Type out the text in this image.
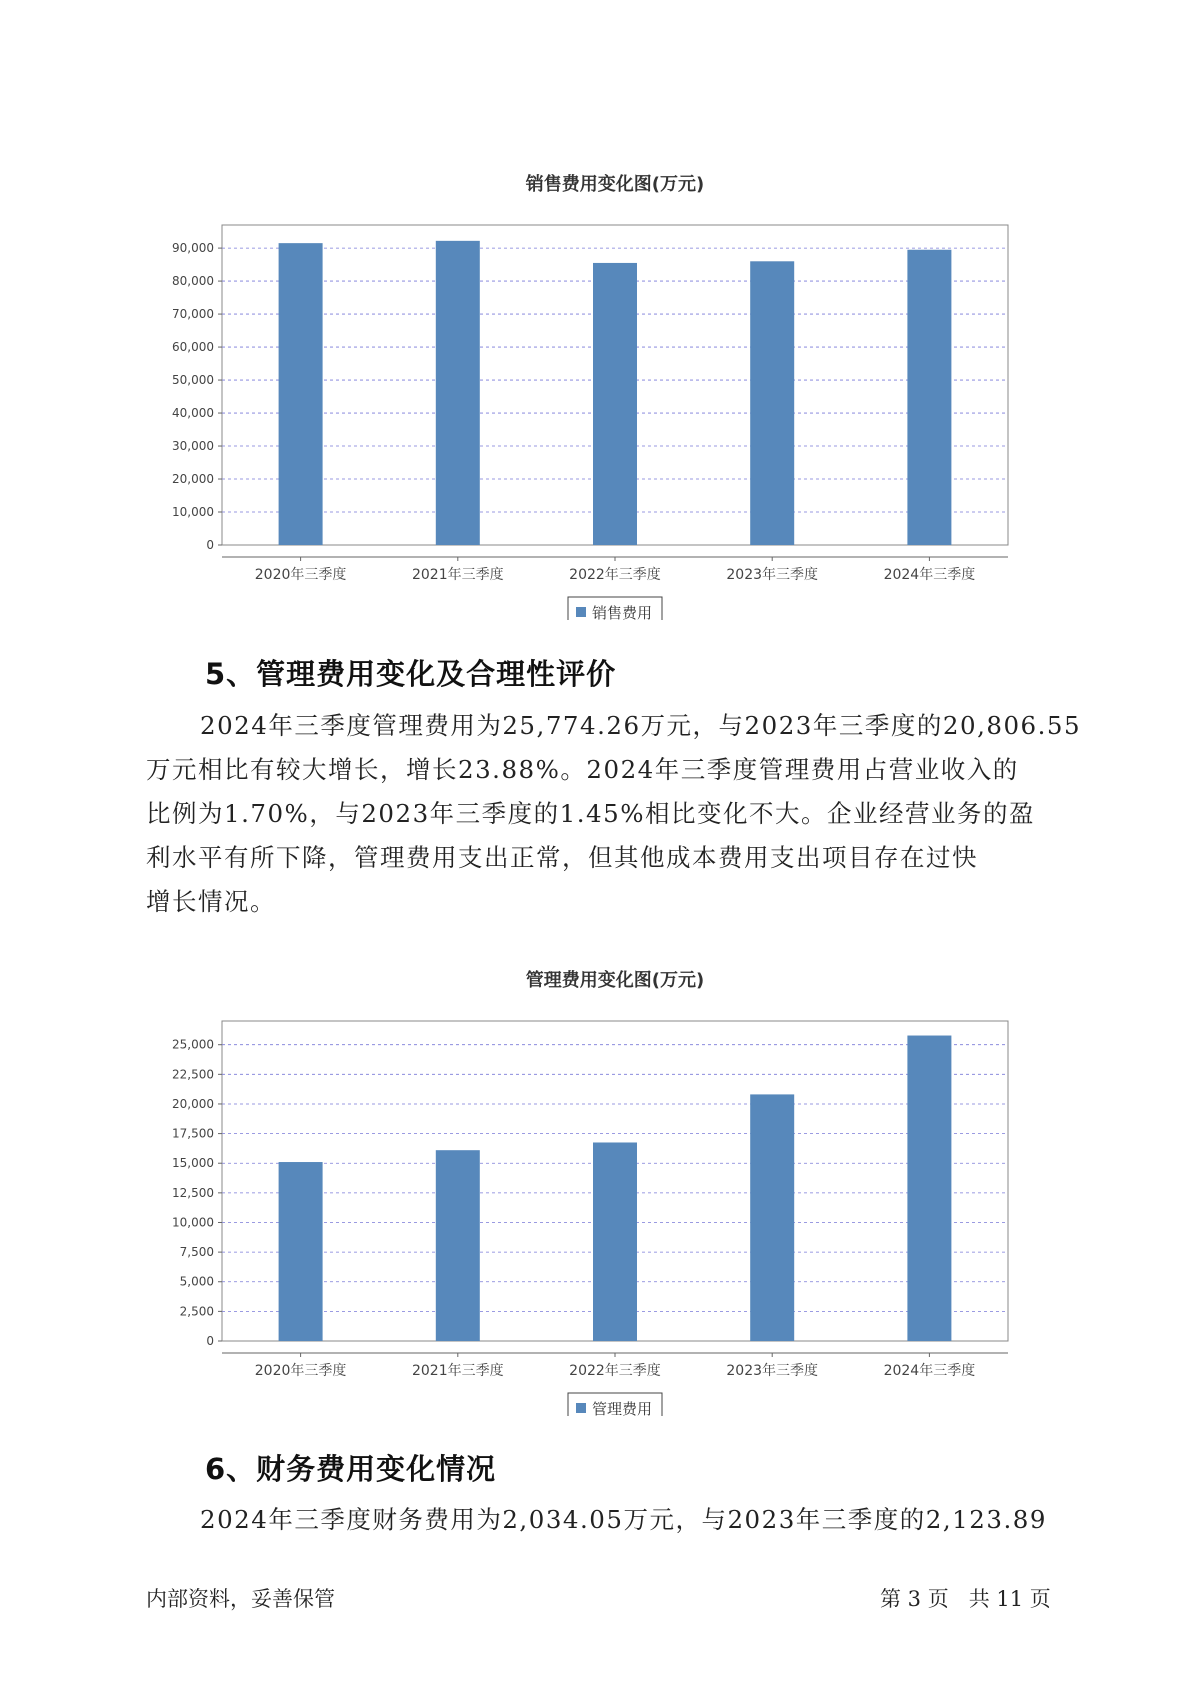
销售费用变化图(万元)
0
10,000
20,000
30,000
40,000
50,000
60,000
70,000
80,000
90,000
2020年三季度	2021年三季度	2022年三季度	2023年三季度	2024年三季度
销售费用
5、管理费用变化及合理性评价
2024年三季度管理费用为25,774.26万元，与2023年三季度的20,806.55
万元相比有较大增长，增长23.88%。2024年三季度管理费用占营业收入的
比例为1.70%，与2023年三季度的1.45%相比变化不大。企业经营业务的盈
利水平有所下降，管理费用支出正常，但其他成本费用支出项目存在过快
增长情况。
管理费用变化图(万元)
0
2,500
5,000
7,500
10,000
12,500
15,000
17,500
20,000
22,500
25,000
2020年三季度	2021年三季度	2022年三季度	2023年三季度	2024年三季度
管理费用
6、财务费用变化情况
2024年三季度财务费用为2,034.05万元，与2023年三季度的2,123.89
内部资料，妥善保管	第 3 页   共 11 页
